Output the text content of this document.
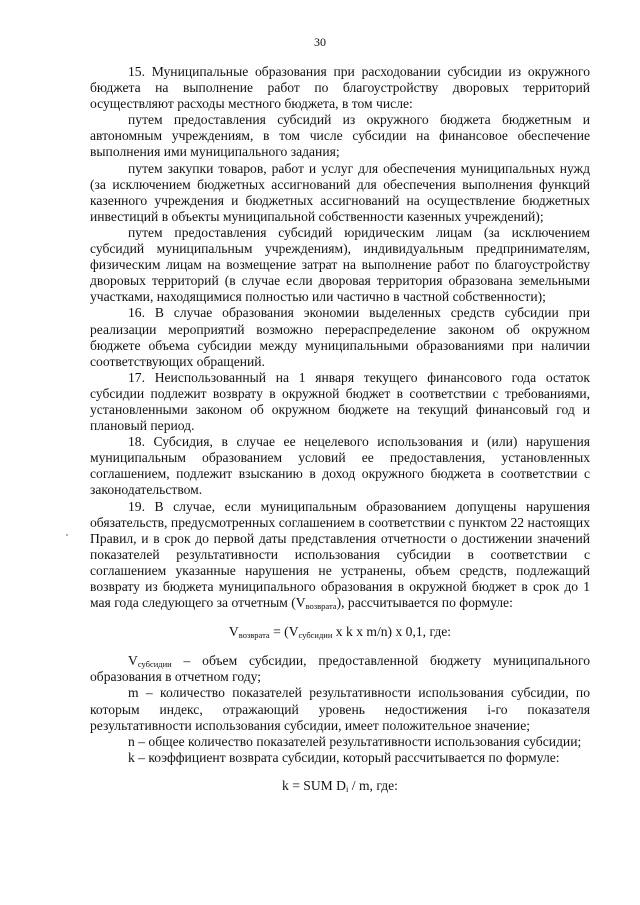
30

15. Муниципальные образования при расходовании субсидии из окружного бюджета на выполнение работ по благоустройству дворовых территорий осуществляют расходы местного бюджета, в том числе:

путем предоставления субсидий из окружного бюджета бюджетным и автономным учреждениям, в том числе субсидии на финансовое обеспечение выполнения ими муниципального задания;

путем закупки товаров, работ и услуг для обеспечения муниципальных нужд (за исключением бюджетных ассигнований для обеспечения выполнения функций казенного учреждения и бюджетных ассигнований на осуществление бюджетных инвестиций в объекты муниципальной собственности казенных учреждений);

путем предоставления субсидий юридическим лицам (за исключением субсидий муниципальным учреждениям), индивидуальным предпринимателям, физическим лицам на возмещение затрат на выполнение работ по благоустройству дворовых территорий (в случае если дворовая территория образована земельными участками, находящимися полностью или частично в частной собственности);

16. В случае образования экономии выделенных средств субсидии при реализации мероприятий возможно перераспределение законом об окружном бюджете объема субсидии между муниципальными образованиями при наличии соответствующих обращений.

17. Неиспользованный на 1 января текущего финансового года остаток субсидии подлежит возврату в окружной бюджет в соответствии с требованиями, установленными законом об окружном бюджете на текущий финансовый год и плановый период.

18. Субсидия, в случае ее нецелевого использования и (или) нарушения муниципальным образованием условий ее предоставления, установленных соглашением, подлежит взысканию в доход окружного бюджета в соответствии с законодательством.

19. В случае, если муниципальным образованием допущены нарушения обязательств, предусмотренных соглашением в соответствии с пунктом 22 настоящих Правил, и в срок до первой даты представления отчетности о достижении значений показателей результативности использования субсидии в соответствии с соглашением указанные нарушения не устранены, объем средств, подлежащий возврату из бюджета муниципального образования в окружной бюджет в срок до 1 мая года следующего за отчетным $(V_{возврата})$, рассчитывается по формуле:

$V_{возврата} = (V_{субсидии}$ x k x m/n) x 0,1, где:

$V_{субсидии}$ – объем субсидии, предоставленной бюджету муниципального образования в отчетном году;

m – количество показателей результативности использования субсидии, по которым индекс, отражающий уровень недостижения i-го показателя результативности использования субсидии, имеет положительное значение;

n – общее количество показателей результативности использования субсидии;

k – коэффициент возврата субсидии, который рассчитывается по формуле:

k = SUM $D_i$ / m, где:
